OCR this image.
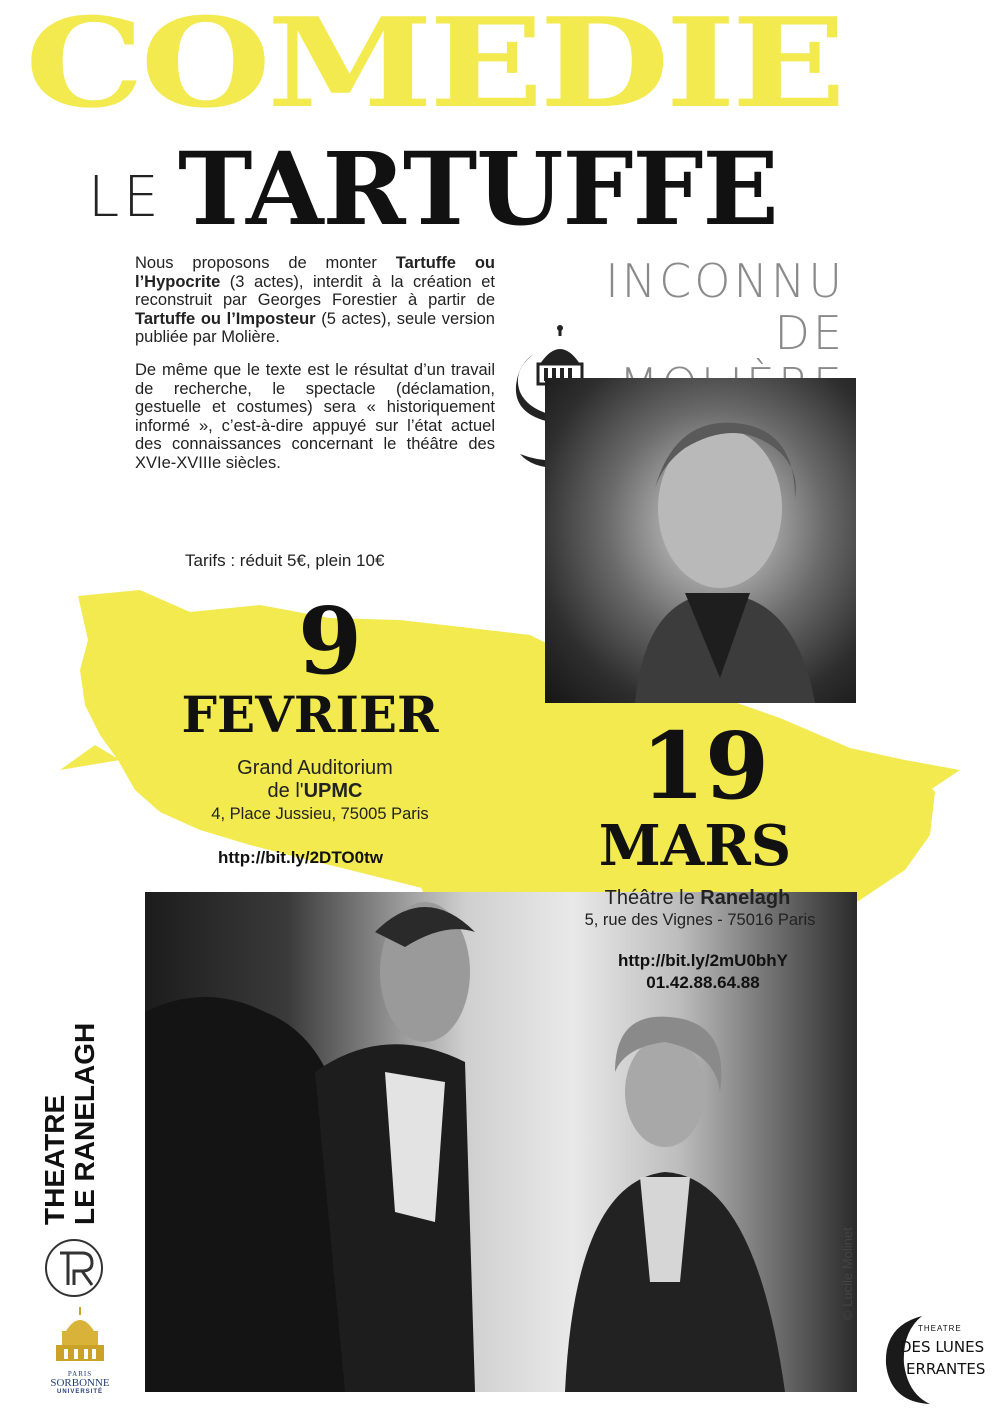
COMEDIE
LE TARTUFFE
INCONNU DE

Nous proposons de monter Tartuffe ou l’Hypocrite (3 actes), interdit à la création et reconstruit par Georges Forestier à partir de Tartuffe ou l’Imposteur (5 actes), seule version publiée par Molière.

De même que le texte est le résultat d’un travail de recherche, le spectacle (déclamation, gestuelle et costumes) sera « historiquement informé », c’est-à-dire appuyé sur l’état actuel des connaissances concernant le théâtre des XVIe-XVIIIe siècles.

Tarifs : réduit 5€, plein 10€
9
FEVRIER
Grand Auditorium
de l'UPMC
4, Place Jussieu, 75005 Paris
http://bit.ly/2DTO0tw
19
MARS
Théâtre le Ranelagh
5, rue des Vignes - 75016 Paris
http://bit.ly/2mU0bhY
01.42.88.64.88
THEATRE LE RANELAGH
PARIS
SORBONNE
UNIVERSITÉ
© Lucile Molinet
THEATRE
DES LUNES
ERRANTES
